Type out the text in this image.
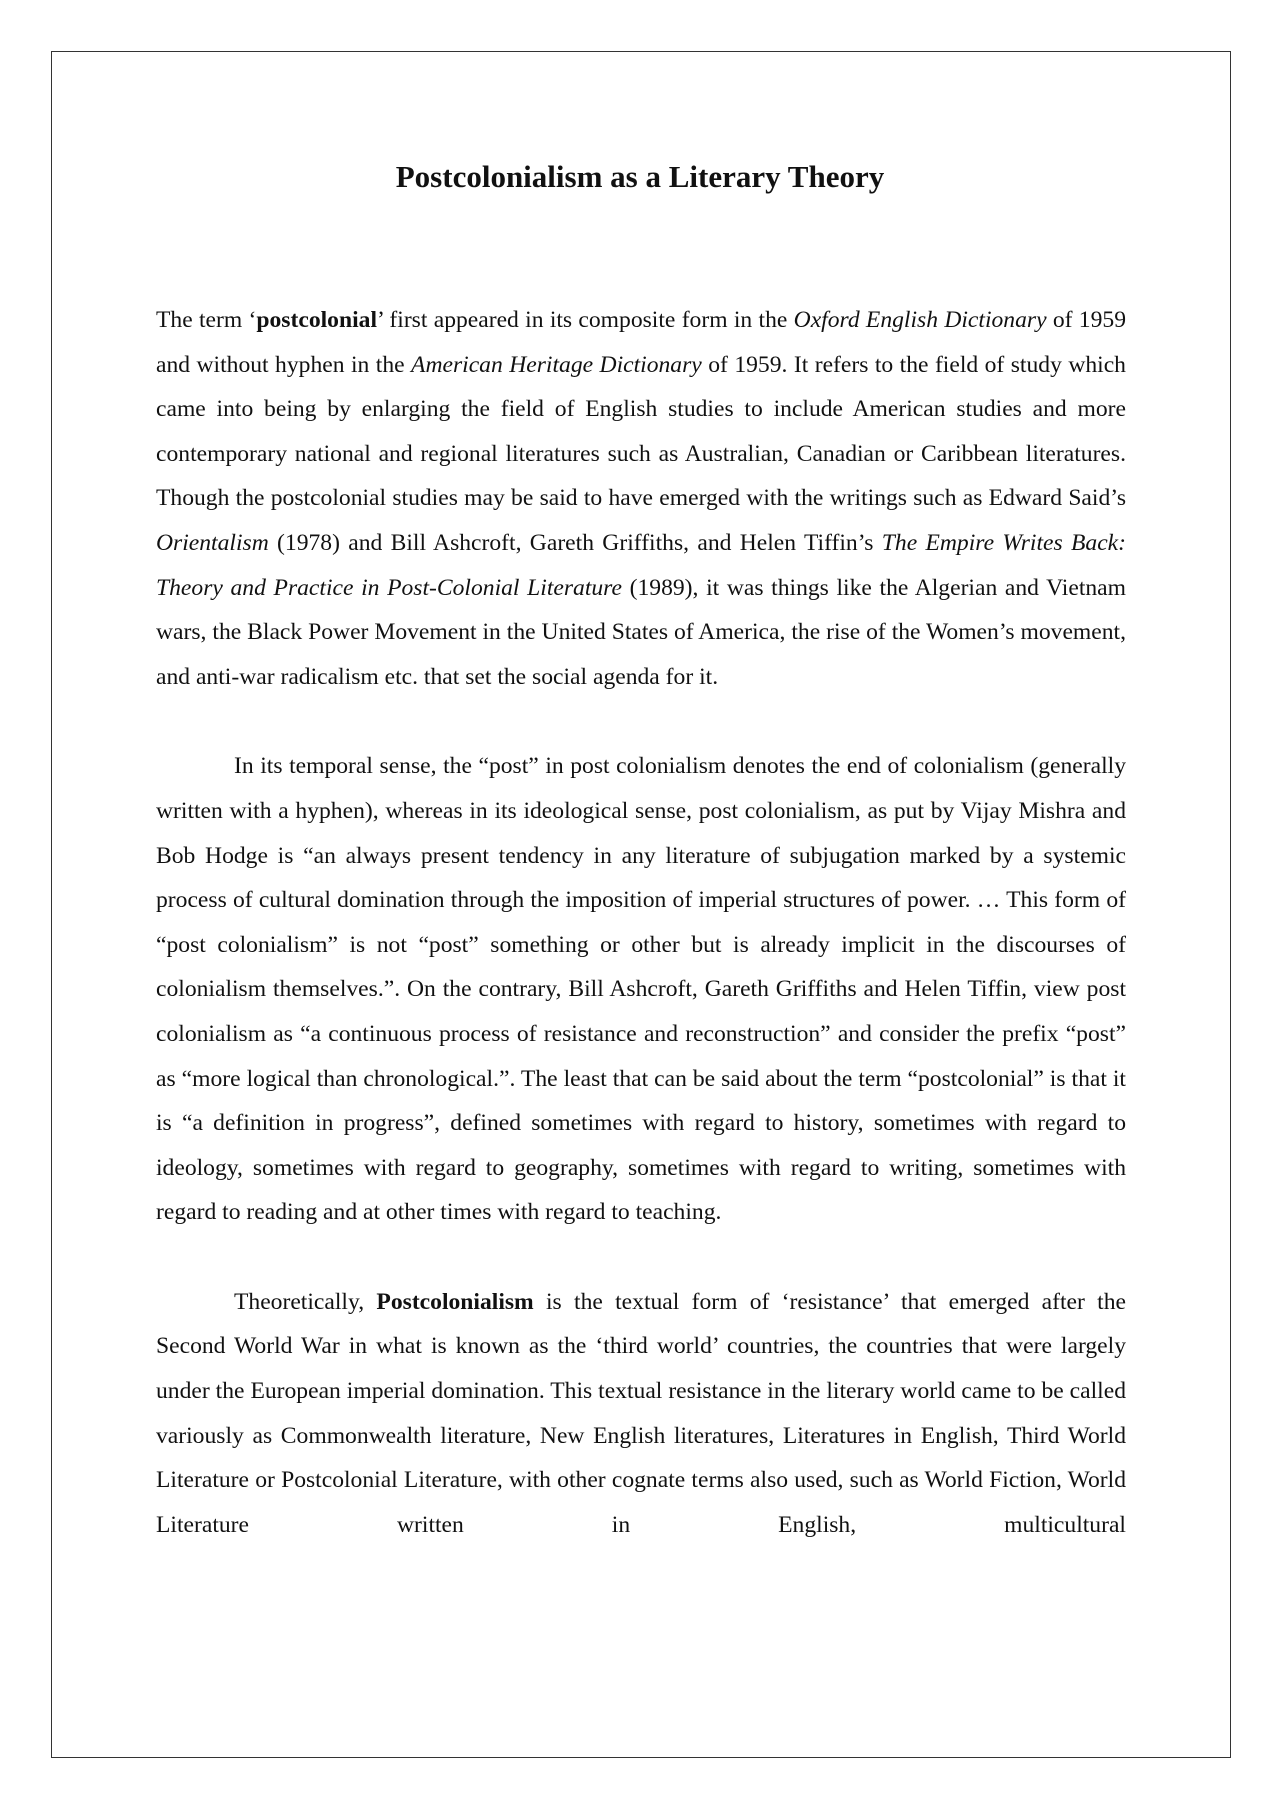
Postcolonialism as a Literary Theory

The term ‘postcolonial’ first appeared in its composite form in the Oxford English Dictionary of 1959 and without hyphen in the American Heritage Dictionary of 1959. It refers to the field of study which came into being by enlarging the field of English studies to include American studies and more contemporary national and regional literatures such as Australian, Canadian or Caribbean literatures. Though the postcolonial studies may be said to have emerged with the writings such as Edward Said’s Orientalism (1978) and Bill Ashcroft, Gareth Griffiths, and Helen Tiffin’s The Empire Writes Back: Theory and Practice in Post-Colonial Literature (1989), it was things like the Algerian and Vietnam wars, the Black Power Movement in the United States of America, the rise of the Women’s movement, and anti-war radicalism etc. that set the social agenda for it.

In its temporal sense, the “post” in post colonialism denotes the end of colonialism (generally written with a hyphen), whereas in its ideological sense, post colonialism, as put by Vijay Mishra and Bob Hodge is “an always present tendency in any literature of subjugation marked by a systemic process of cultural domination through the imposition of imperial structures of power. … This form of “post colonialism” is not “post” something or other but is already implicit in the discourses of colonialism themselves.”. On the contrary, Bill Ashcroft, Gareth Griffiths and Helen Tiffin, view post colonialism as “a continuous process of resistance and reconstruction” and consider the prefix “post” as “more logical than chronological.”. The least that can be said about the term “postcolonial” is that it is “a definition in progress”, defined sometimes with regard to history, sometimes with regard to ideology, sometimes with regard to geography, sometimes with regard to writing, sometimes with regard to reading and at other times with regard to teaching.

Theoretically, Postcolonialism is the textual form of ‘resistance’ that emerged after the Second World War in what is known as the ‘third world’ countries, the countries that were largely under the European imperial domination. This textual resistance in the literary world came to be called variously as Commonwealth literature, New English literatures, Literatures in English, Third World Literature or Postcolonial Literature, with other cognate terms also used, such as World Fiction, World Literature written in English, multicultural
